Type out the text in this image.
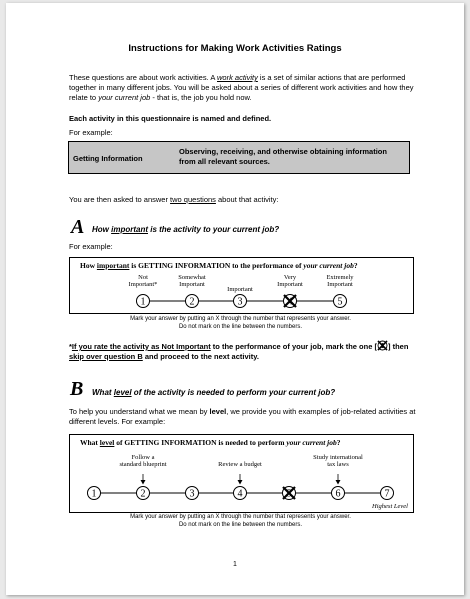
Instructions for Making Work Activities Ratings
These questions are about work activities. A work activity is a set of similar actions that are performed together in many different jobs. You will be asked about a series of different work activities and how they relate to your current job - that is, the job you hold now.
Each activity in this questionnaire is named and defined.
For example:
Getting Information
Observing, receiving, and otherwise obtaining information from all relevant sources.
You are then asked to answer two questions about that activity:
A How important is the activity to your current job?
For example:
How important is GETTING INFORMATION to the performance of your current job?
Not
Important*
Somewhat
Important
Important
Very
Important
Extremely
Important
1	2	3	5
Mark your answer by putting an X through the number that represents your answer.
Do not mark on the line between the numbers.
*If you rate the activity as Not Important to the performance of your job, mark the one [ ] then skip over question B and proceed to the next activity.
B What level of the activity is needed to perform your current job?
To help you understand what we mean by level, we provide you with examples of job-related activities at different levels. For example:
What level of GETTING INFORMATION is needed to perform your current job?
Follow a
standard blueprint	Review a budget
Study international
tax laws
1	2	3	4	6	7
Highest Level
Mark your answer by putting an X through the number that represents your answer.
Do not mark on the line between the numbers.
1
